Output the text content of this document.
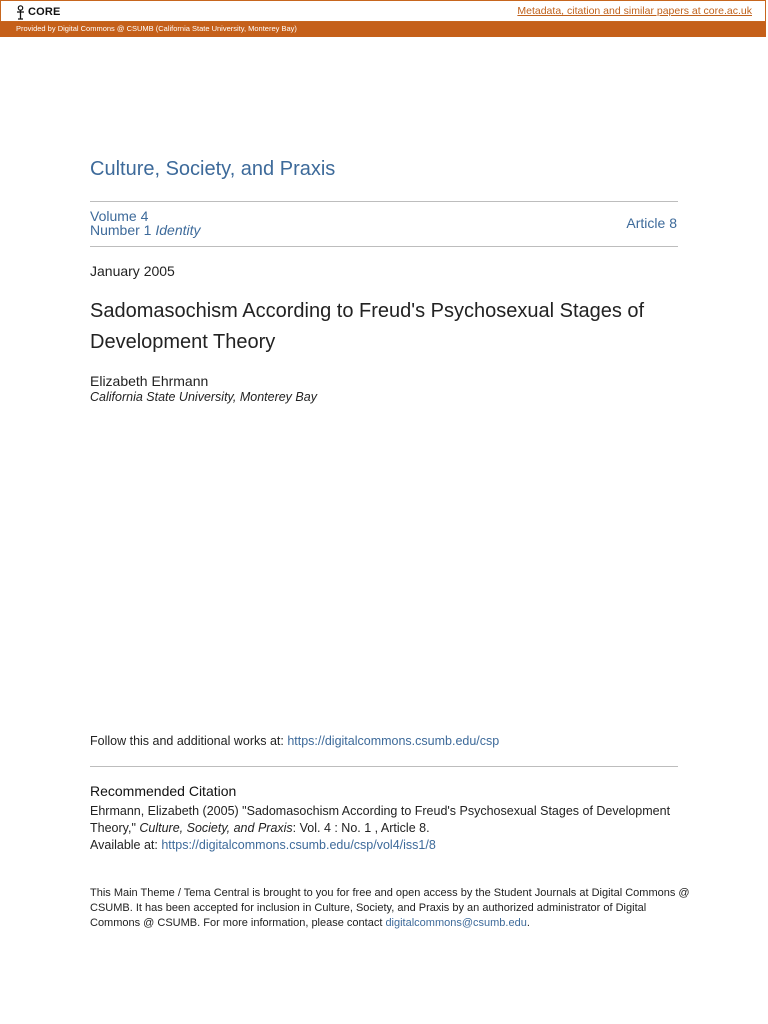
CORE	Metadata, citation and similar papers at core.ac.uk
Provided by Digital Commons @ CSUMB (California State University, Monterey Bay)
Culture, Society, and Praxis
Volume 4
Number 1 Identity	Article 8
January 2005
Sadomasochism According to Freud's Psychosexual Stages of Development Theory
Elizabeth Ehrmann
California State University, Monterey Bay
Follow this and additional works at: https://digitalcommons.csumb.edu/csp
Recommended Citation
Ehrmann, Elizabeth (2005) "Sadomasochism According to Freud's Psychosexual Stages of Development
Theory," Culture, Society, and Praxis: Vol. 4 : No. 1 , Article 8.
Available at: https://digitalcommons.csumb.edu/csp/vol4/iss1/8
This Main Theme / Tema Central is brought to you for free and open access by the Student Journals at Digital Commons @ CSUMB. It has been accepted for inclusion in Culture, Society, and Praxis by an authorized administrator of Digital Commons @ CSUMB. For more information, please contact digitalcommons@csumb.edu.
